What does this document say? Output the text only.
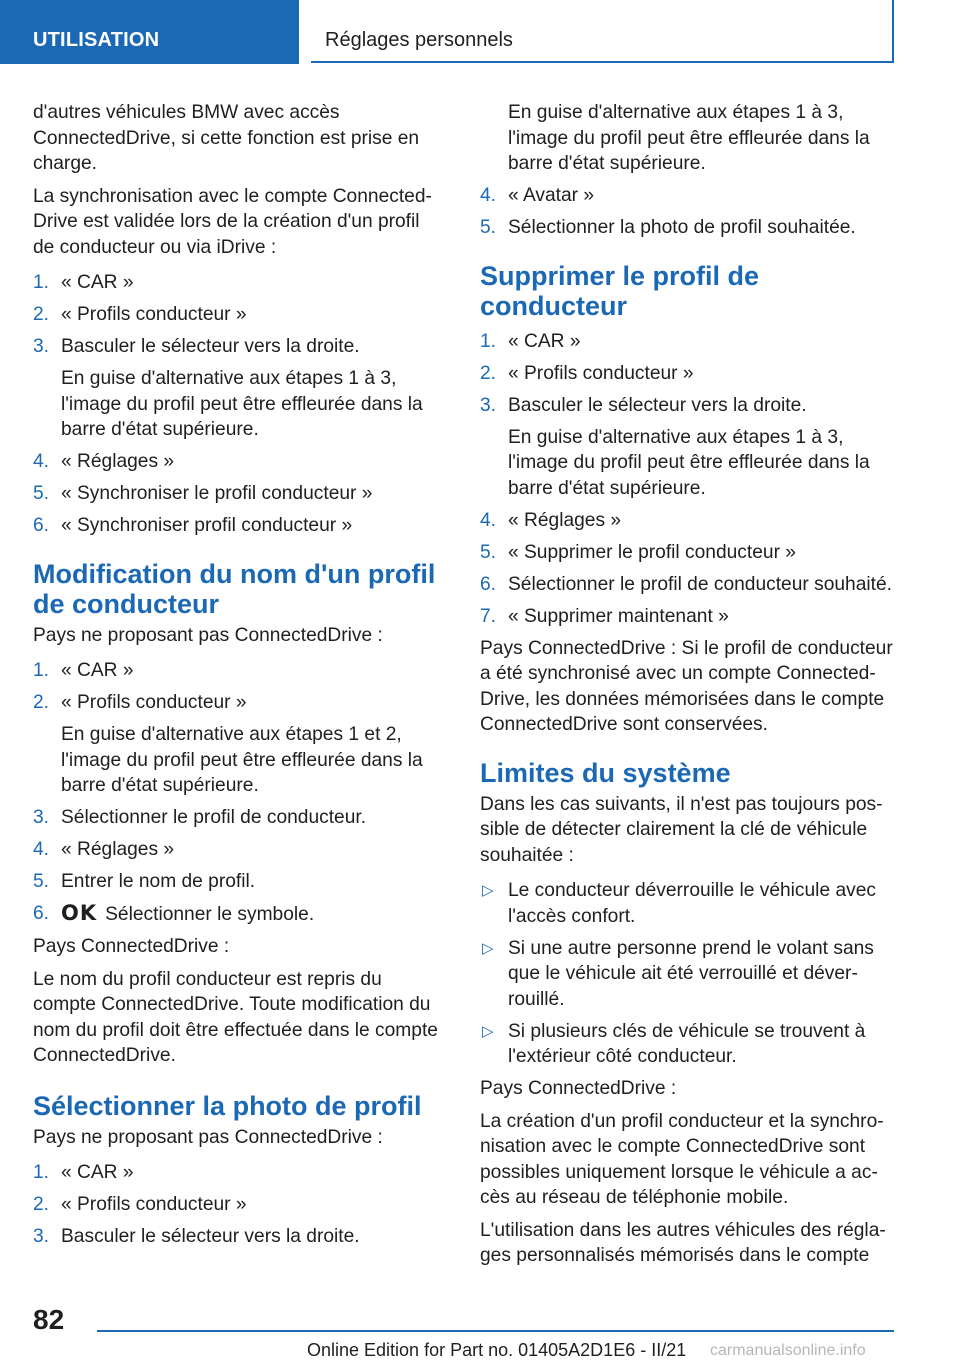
UTILISATION	Réglages personnels

d'autres véhicules BMW avec accès ConnectedDrive, si cette fonction est prise en charge.

La synchronisation avec le compte ConnectedDrive est validée lors de la création d'un profil de conducteur ou via iDrive :

1. « CAR »
2. « Profils conducteur »
3. Basculer le sélecteur vers la droite.
En guise d'alternative aux étapes 1 à 3, l'image du profil peut être effleurée dans la barre d'état supérieure.
4. « Réglages »
5. « Synchroniser le profil conducteur »
6. « Synchroniser profil conducteur »
Modification du nom d'un profil de conducteur

Pays ne proposant pas ConnectedDrive :

1. « CAR »
2. « Profils conducteur »
En guise d'alternative aux étapes 1 et 2, l'image du profil peut être effleurée dans la barre d'état supérieure.
3. Sélectionner le profil de conducteur.
4. « Réglages »
5. Entrer le nom de profil.
6. OK Sélectionner le symbole.

Pays ConnectedDrive :

Le nom du profil conducteur est repris du compte ConnectedDrive. Toute modification du nom du profil doit être effectuée dans le compte ConnectedDrive.

Sélectionner la photo de profil

Pays ne proposant pas ConnectedDrive :

1. « CAR »
2. « Profils conducteur »
3. Basculer le sélecteur vers la droite.
En guise d'alternative aux étapes 1 à 3, l'image du profil peut être effleurée dans la barre d'état supérieure.
4. « Avatar »
5. Sélectionner la photo de profil souhaitée.
Supprimer le profil de conducteur
1. « CAR »
2. « Profils conducteur »
3. Basculer le sélecteur vers la droite.
En guise d'alternative aux étapes 1 à 3, l'image du profil peut être effleurée dans la barre d'état supérieure.
4. « Réglages »
5. « Supprimer le profil conducteur »
6. Sélectionner le profil de conducteur souhaité.
7. « Supprimer maintenant »

Pays ConnectedDrive : Si le profil de conducteur a été synchronisé avec un compte ConnectedDrive, les données mémorisées dans le compte ConnectedDrive sont conservées.

Limites du système

Dans les cas suivants, il n'est pas toujours possible de détecter clairement la clé de véhicule souhaitée :

▷ Le conducteur déverrouille le véhicule avec l'accès confort.
▷ Si une autre personne prend le volant sans que le véhicule ait été verrouillé et déverrouillé.
▷ Si plusieurs clés de véhicule se trouvent à l'extérieur côté conducteur.

Pays ConnectedDrive :

La création d'un profil conducteur et la synchronisation avec le compte ConnectedDrive sont possibles uniquement lorsque le véhicule a accès au réseau de téléphonie mobile.

L'utilisation dans les autres véhicules des réglages personnalisés mémorisés dans le compte

82
Online Edition for Part no. 01405A2D1E6 - II/21 carmanualsonline.info
